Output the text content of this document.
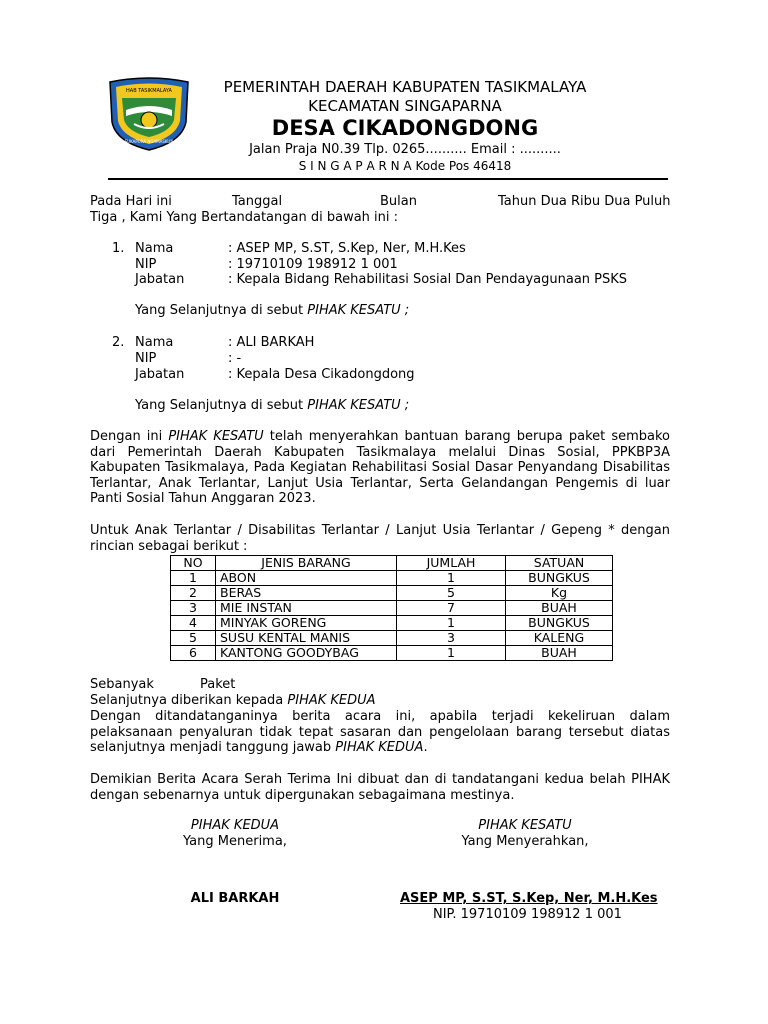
HAB TASIKMALAYA
SUKAPURA NGAMASKUN
PEMERINTAH DAERAH KABUPATEN TASIKMALAYA
KECAMATAN SINGAPARNA
DESA CIKADONGDONG
Jalan Praja N0.39 Tlp. 0265.......... Email : ..........
S I N G A P A R N A Kode Pos 46418
Pada Hari ini	Tanggal	Bulan	Tahun Dua Ribu Dua Puluh
Tiga , Kami Yang Bertandatangan di bawah ini :
1. Nama	: ASEP MP, S.ST, S.Kep, Ner, M.H.Kes
NIP	: 19710109 198912 1 001
Jabatan	: Kepala Bidang Rehabilitasi Sosial Dan Pendayagunaan PSKS
Yang Selanjutnya di sebut PIHAK KESATU ;
2. Nama	: ALI BARKAH
NIP	: -
Jabatan	: Kepala Desa Cikadongdong
Yang Selanjutnya di sebut PIHAK KESATU ;
Dengan ini PIHAK KESATU telah menyerahkan bantuan barang berupa paket sembako dari Pemerintah Daerah Kabupaten Tasikmalaya melalui Dinas Sosial, PPKBP3A Kabupaten Tasikmalaya, Pada Kegiatan Rehabilitasi Sosial Dasar Penyandang Disabilitas Terlantar, Anak Terlantar, Lanjut Usia Terlantar, Serta Gelandangan Pengemis di luar Panti Sosial Tahun Anggaran 2023.
Untuk Anak Terlantar / Disabilitas Terlantar / Lanjut Usia Terlantar / Gepeng * dengan rincian sebagai berikut :
NO	JENIS BARANG	JUMLAH	SATUAN
1	ABON	1	BUNGKUS
2	BERAS	5	Kg
3	MIE INSTAN	7	BUAH
4	MINYAK GORENG	1	BUNGKUS
5	SUSU KENTAL MANIS	3	KALENG
6	KANTONG GOODYBAG	1	BUAH
Sebanyak	Paket
Selanjutnya diberikan kepada PIHAK KEDUA
Dengan ditandatanganinya berita acara ini, apabila terjadi kekeliruan dalam pelaksanaan penyaluran tidak tepat sasaran dan pengelolaan barang tersebut diatas selanjutnya menjadi tanggung jawab PIHAK KEDUA.
Demikian Berita Acara Serah Terima Ini dibuat dan di tandatangani kedua belah PIHAK dengan sebenarnya untuk dipergunakan sebagaimana mestinya.
PIHAK KEDUA
Yang Menerima,
ALI BARKAH
PIHAK KESATU
Yang Menyerahkan,
ASEP MP, S.ST, S.Kep, Ner, M.H.Kes
NIP. 19710109 198912 1 001
